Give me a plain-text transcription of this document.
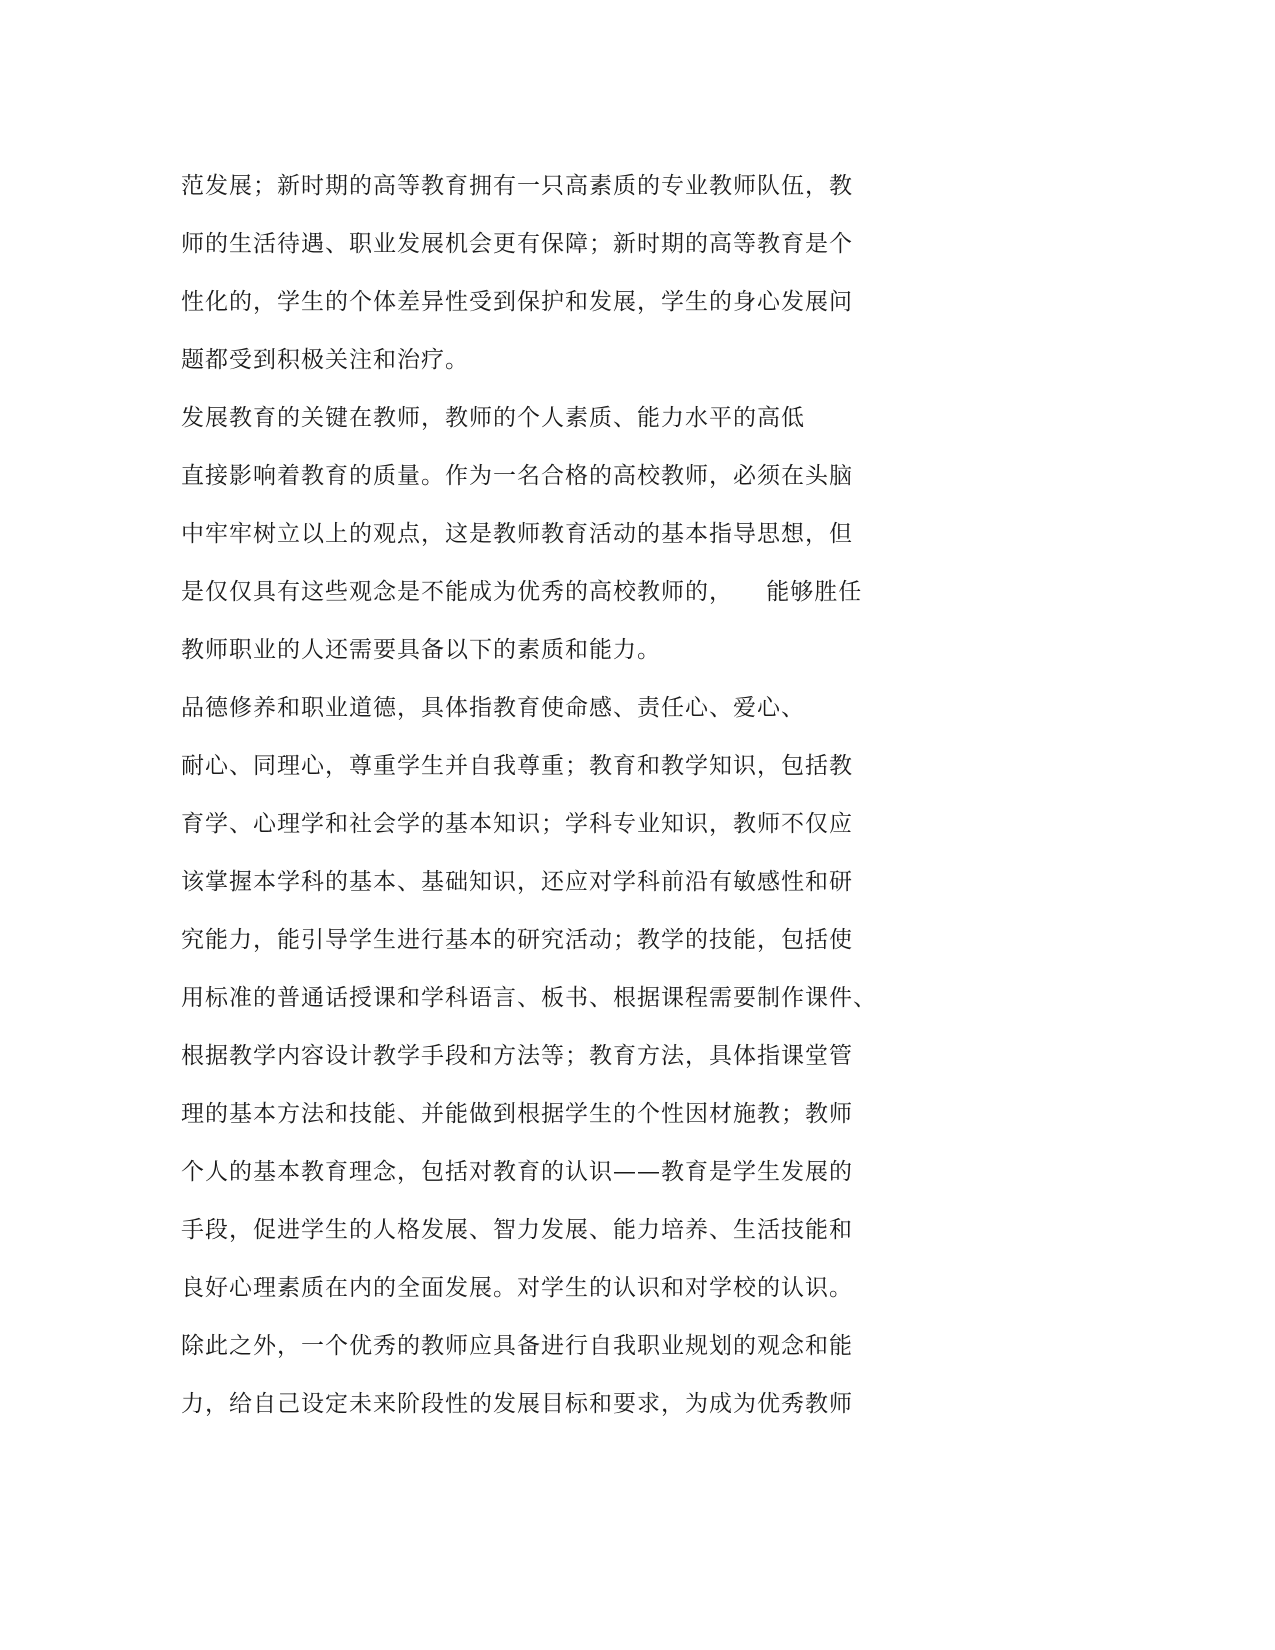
范发展；新时期的高等教育拥有一只高素质的专业教师队伍，教
师的生活待遇、职业发展机会更有保障；新时期的高等教育是个
性化的，学生的个体差异性受到保护和发展，学生的身心发展问
题都受到积极关注和治疗。
发展教育的关键在教师，教师的个人素质、能力水平的高低
直接影响着教育的质量。作为一名合格的高校教师，必须在头脑
中牢牢树立以上的观点，这是教师教育活动的基本指导思想，但
是仅仅具有这些观念是不能成为优秀的高校教师的，    能够胜任
教师职业的人还需要具备以下的素质和能力。
品德修养和职业道德，具体指教育使命感、责任心、爱心、
耐心、同理心，尊重学生并自我尊重；教育和教学知识，包括教
育学、心理学和社会学的基本知识；学科专业知识，教师不仅应
该掌握本学科的基本、基础知识，还应对学科前沿有敏感性和研
究能力，能引导学生进行基本的研究活动；教学的技能，包括使
用标准的普通话授课和学科语言、板书、根据课程需要制作课件、
根据教学内容设计教学手段和方法等；教育方法，具体指课堂管
理的基本方法和技能、并能做到根据学生的个性因材施教；教师
个人的基本教育理念，包括对教育的认识——教育是学生发展的
手段，促进学生的人格发展、智力发展、能力培养、生活技能和
良好心理素质在内的全面发展。对学生的认识和对学校的认识。
除此之外，一个优秀的教师应具备进行自我职业规划的观念和能
力，给自己设定未来阶段性的发展目标和要求，为成为优秀教师
